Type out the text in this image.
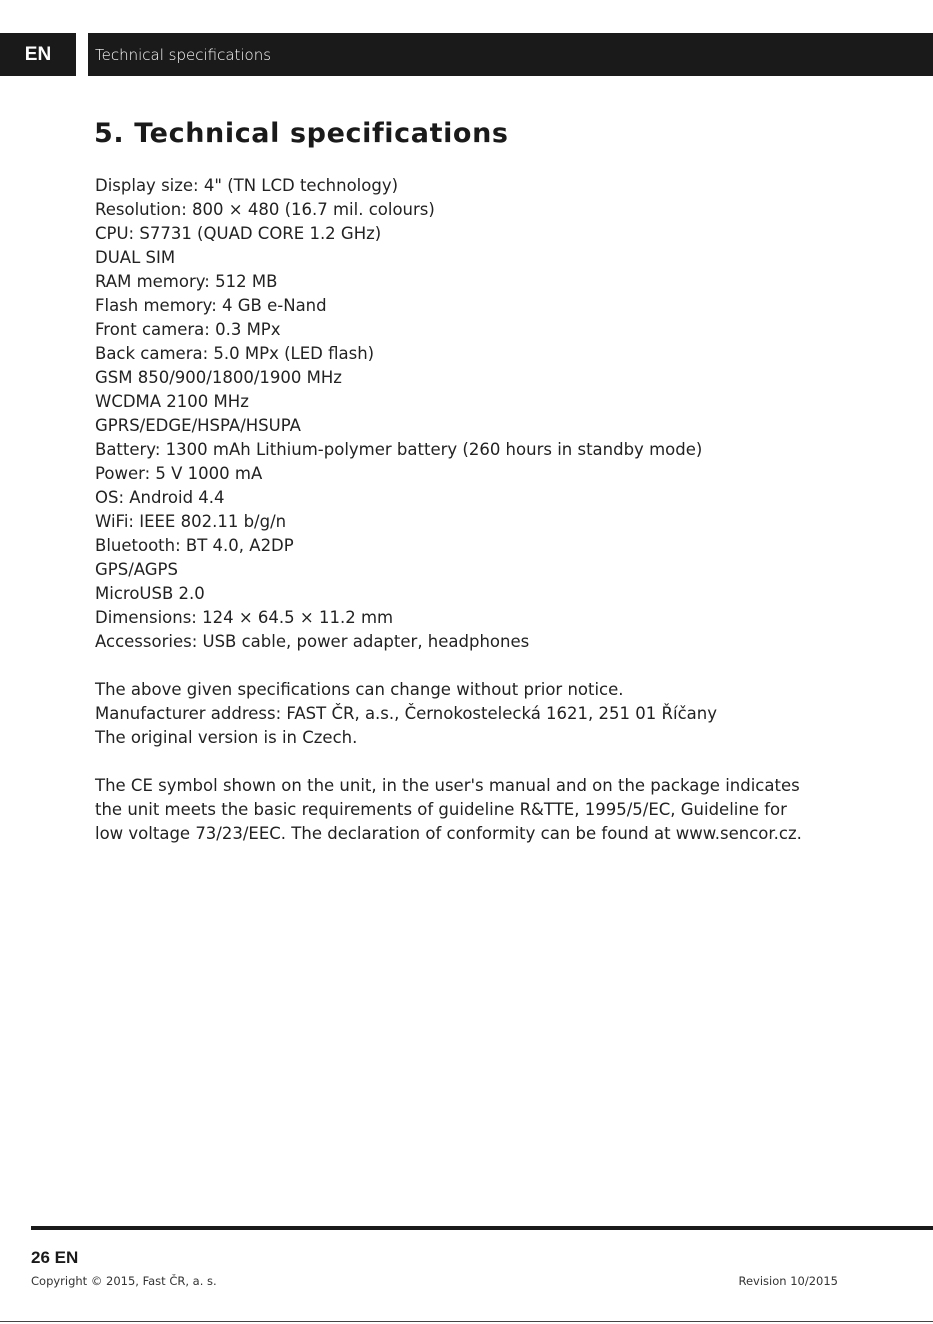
EN	Technical specifications
5. Technical specifications
Display size: 4" (TN LCD technology)
Resolution: 800 × 480 (16.7 mil. colours)
CPU: S7731 (QUAD CORE 1.2 GHz)
DUAL SIM
RAM memory: 512 MB
Flash memory: 4 GB e-Nand
Front camera: 0.3 MPx
Back camera: 5.0 MPx (LED flash)
GSM 850/900/1800/1900 MHz
WCDMA 2100 MHz
GPRS/EDGE/HSPA/HSUPA
Battery: 1300 mAh Lithium-polymer battery (260 hours in standby mode)
Power: 5 V 1000 mA
OS: Android 4.4
WiFi: IEEE 802.11 b/g/n
Bluetooth: BT 4.0, A2DP
GPS/AGPS
MicroUSB 2.0
Dimensions: 124 × 64.5 × 11.2 mm
Accessories: USB cable, power adapter, headphones
The above given specifications can change without prior notice.
Manufacturer address: FAST ČR, a.s., Černokostelecká 1621, 251 01 Říčany
The original version is in Czech.
The CE symbol shown on the unit, in the user's manual and on the package indicates
the unit meets the basic requirements of guideline R&TTE, 1995/5/EC, Guideline for
low voltage 73/23/EEC. The declaration of conformity can be found at www.sencor.cz.
26 EN
Copyright © 2015, Fast ČR, a. s.	Revision 10/2015
